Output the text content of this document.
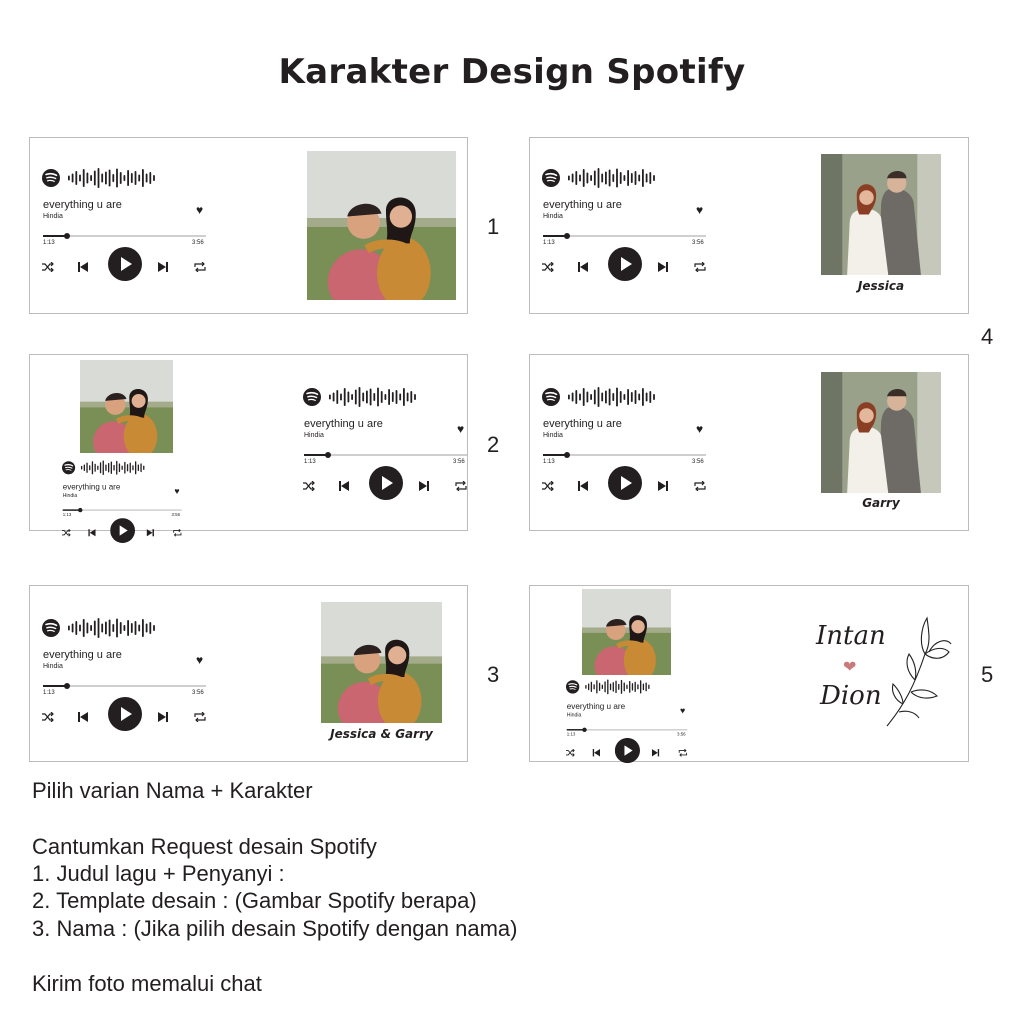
Karakter Design Spotify
everything u are
Hindia	♥
1:13	3:56
1
everything u are
Hindia	♥
1:13	3:56
Jessica
4
everything u are
Hindia	♥
1:13	3:56
everything u are
Hindia	♥
1:13	3:56
2
everything u are
Hindia	♥
1:13	3:56
Garry
everything u are
Hindia	♥
1:13	3:56
Jessica & Garry
3
everything u are
Hindia	♥
1:13	3:56
Intan
❤
Dion
5
Pilih varian Nama + Karakter
Cantumkan Request desain Spotify
1. Judul lagu + Penyanyi :
2. Template desain : (Gambar Spotify berapa)
3. Nama : (Jika pilih desain Spotify dengan nama)
Kirim foto memalui chat
